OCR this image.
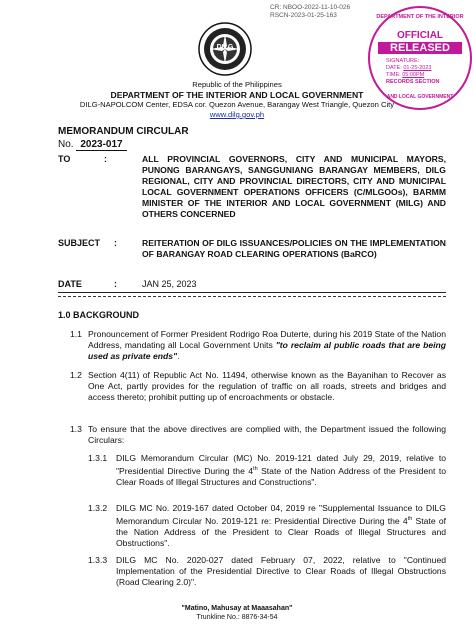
CR: NBOO-2022-11-10-026
RSCN-2023-01-25-163
DILG
Republic of the Philippines
DEPARTMENT OF THE INTERIOR AND LOCAL GOVERNMENT
DILG-NAPOLCOM Center, EDSA cor. Quezon Avenue, Barangay West Triangle, Quezon City
www.dilg.gov.ph
DEPARTMENT OF THE INTERIOR
OFFICIAL
RELEASED
SIGNATURE:
DATE: 01-25-2023
TIME: 05:00PM
RECORDS SECTION
AND LOCAL GOVERNMENT
MEMORANDUM CIRCULAR
No. 2023-017
TO	:	ALL PROVINCIAL GOVERNORS, CITY AND MUNICIPAL MAYORS, PUNONG BARANGAYS, SANGGUNIANG BARANGAY MEMBERS, DILG REGIONAL, CITY AND PROVINCIAL DIRECTORS, CITY AND MUNICIPAL LOCAL GOVERNMENT OPERATIONS OFFICERS (C/MLGOOs), BARMM MINISTER OF THE INTERIOR AND LOCAL GOVERNMENT (MILG) AND OTHERS CONCERNED
SUBJECT :	REITERATION OF DILG ISSUANCES/POLICIES ON THE IMPLEMENTATION OF BARANGAY ROAD CLEARING OPERATIONS (BaRCO)
DATE	:	JAN 25, 2023
1.0 BACKGROUND
1.1 Pronouncement of Former President Rodrigo Roa Duterte, during his 2019 State of the Nation Address, mandating all Local Government Units "to reclaim al public roads that are being used as private ends".
1.2 Section 4(11) of Republic Act No. 11494, otherwise known as the Bayanihan to Recover as One Act, partly provides for the regulation of traffic on all roads, streets and bridges and access thereto; prohibit putting up of encroachments or obstacle.
1.3 To ensure that the above directives are complied with, the Department issued the following Circulars:
1.3.1 DILG Memorandum Circular (MC) No. 2019-121 dated July 29, 2019, relative to "Presidential Directive During the 4th State of the Nation Address of the President to Clear Roads of Illegal Structures and Constructions".
1.3.2 DILG MC No. 2019-167 dated October 04, 2019 re "Supplemental Issuance to DILG Memorandum Circular No. 2019-121 re: Presidential Directive During the 4th State of the Nation Address of the President to Clear Roads of Illegal Structures and Obstructions".
1.3.3 DILG MC No. 2020-027 dated February 07, 2022, relative to "Continued Implementation of the Presidential Directive to Clear Roads of Illegal Obstructions (Road Clearing 2.0)".
"Matino, Mahusay at Maaasahan"
Trunkline No.: 8876-34-54
